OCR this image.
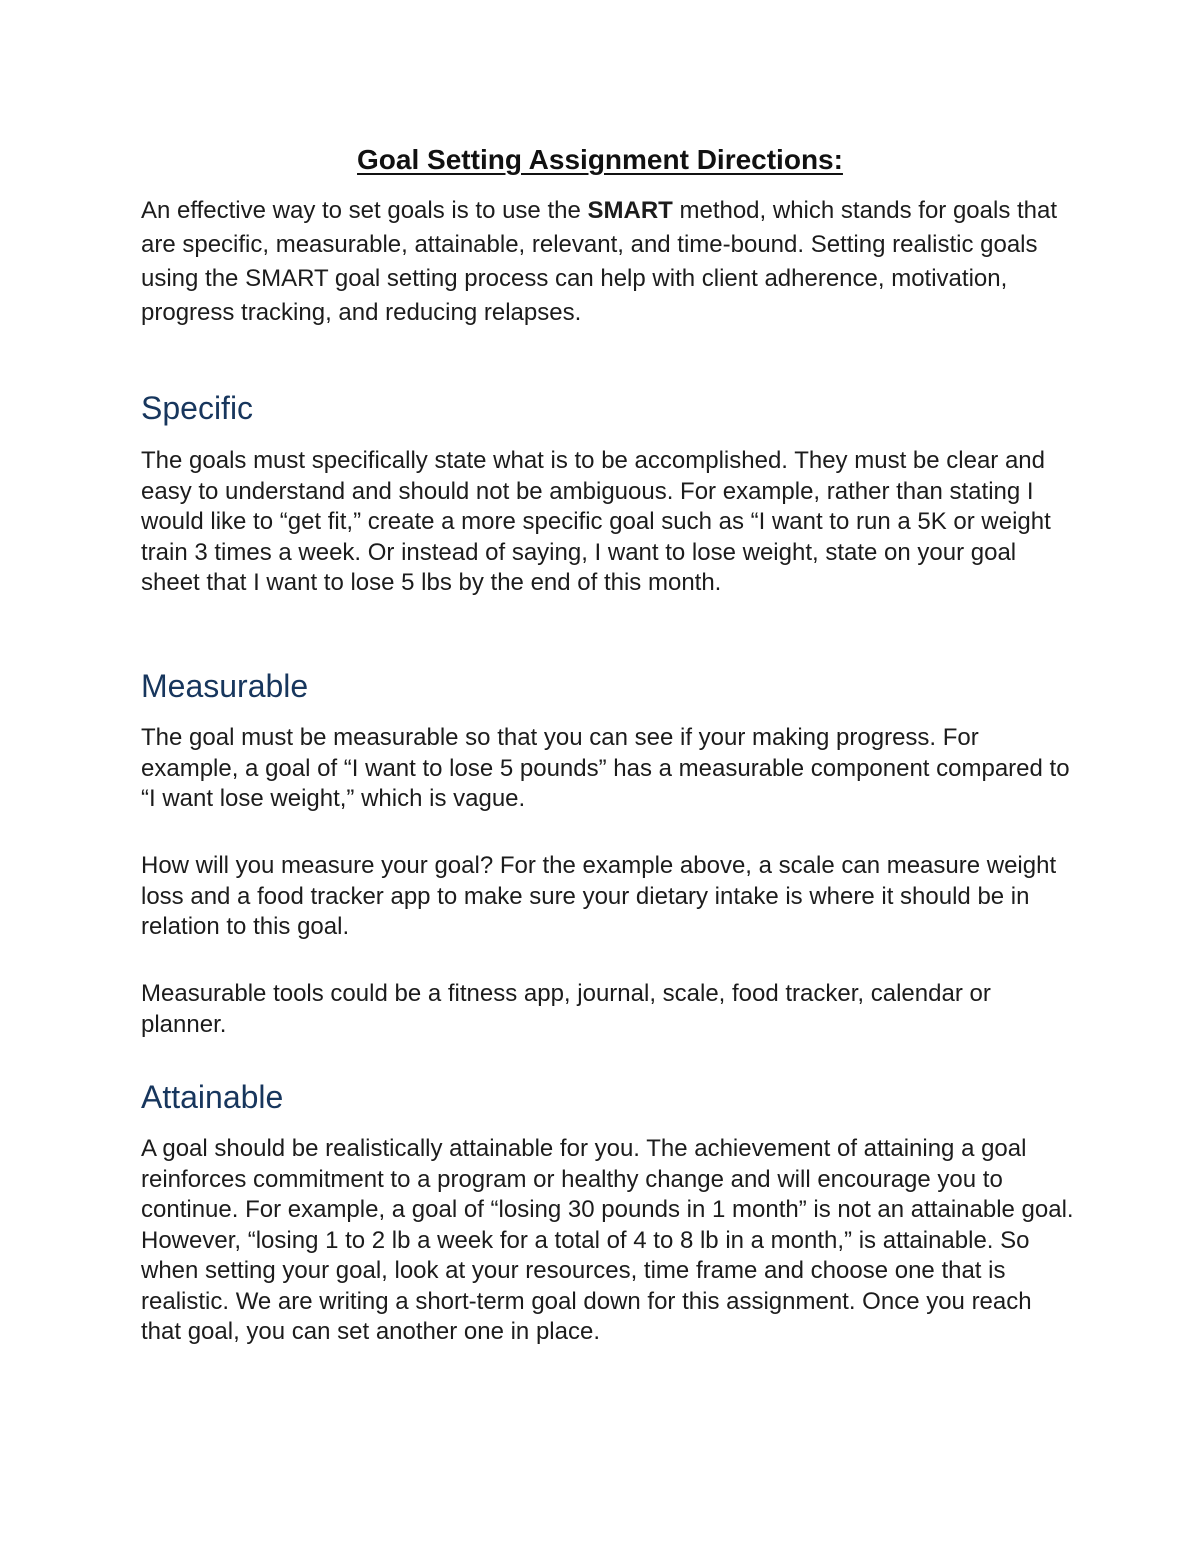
Goal Setting Assignment Directions:

An effective way to set goals is to use the SMART method, which stands for goals that are specific, measurable, attainable, relevant, and time-bound. Setting realistic goals using the SMART goal setting process can help with client adherence, motivation, progress tracking, and reducing relapses.

Specific

The goals must specifically state what is to be accomplished. They must be clear and easy to understand and should not be ambiguous. For example, rather than stating I would like to “get fit,” create a more specific goal such as “I want to run a 5K or weight train 3 times a week. Or instead of saying, I want to lose weight, state on your goal sheet that I want to lose 5 lbs by the end of this month.

Measurable

The goal must be measurable so that you can see if your making progress. For example, a goal of “I want to lose 5 pounds” has a measurable component compared to “I want lose weight,” which is vague.

How will you measure your goal? For the example above, a scale can measure weight loss and a food tracker app to make sure your dietary intake is where it should be in relation to this goal.

Measurable tools could be a fitness app, journal, scale, food tracker, calendar or planner.

Attainable

A goal should be realistically attainable for you. The achievement of attaining a goal reinforces commitment to a program or healthy change and will encourage you to continue. For example, a goal of “losing 30 pounds in 1 month” is not an attainable goal. However, “losing 1 to 2 lb a week for a total of 4 to 8 lb in a month,” is attainable. So when setting your goal, look at your resources, time frame and choose one that is realistic. We are writing a short-term goal down for this assignment. Once you reach that goal, you can set another one in place.
